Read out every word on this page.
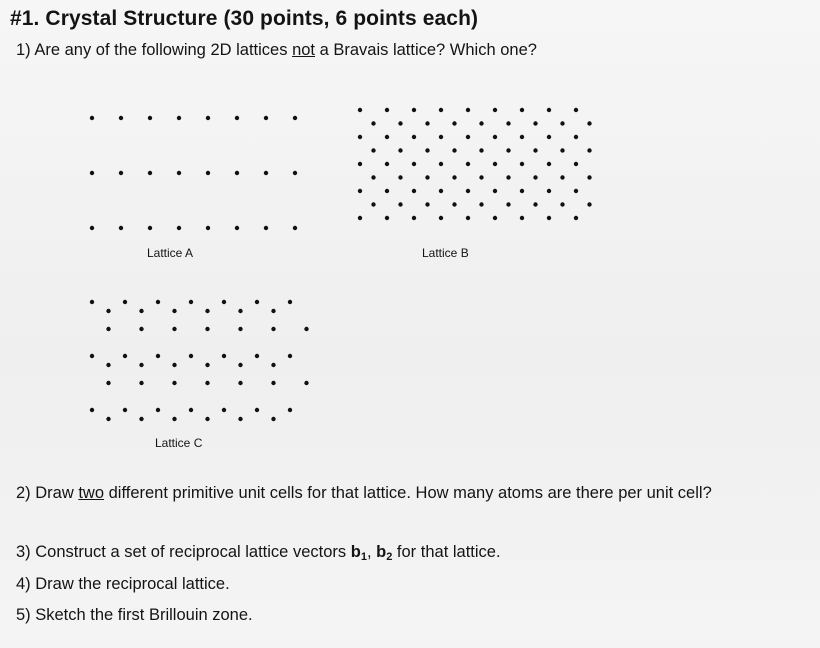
#1. Crystal Structure (30 points, 6 points each)

1) Are any of the following 2D lattices not a Bravais lattice? Which one?

Lattice A	Lattice B
Lattice C

2) Draw two different primitive unit cells for that lattice. How many atoms are there per unit cell?

3) Construct a set of reciprocal lattice vectors $b_1$, $b_2$ for that lattice.

4) Draw the reciprocal lattice.

5) Sketch the first Brillouin zone.
